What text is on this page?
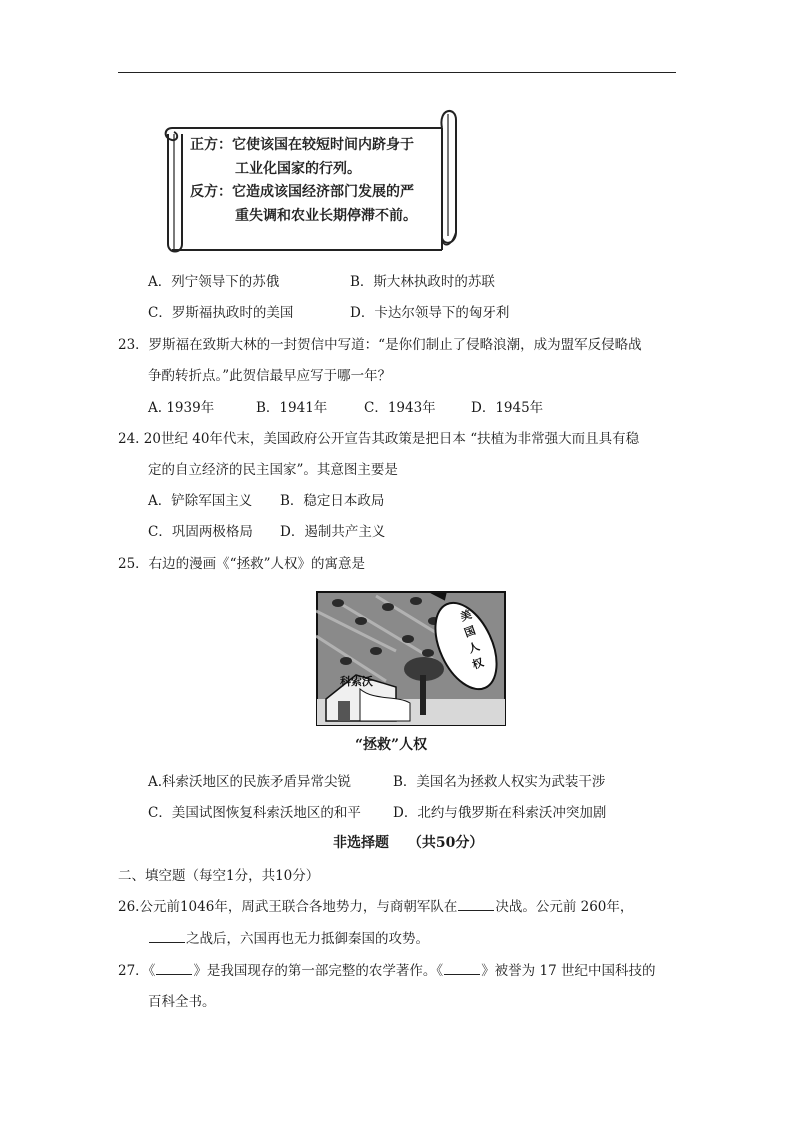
正方：它使该国在较短时间内跻身于
工业化国家的行列。
反方：它造成该国经济部门发展的严
重失调和农业长期停滞不前。
A．列宁领导下的苏俄	B．斯大林执政时的苏联
C．罗斯福执政时的美国	D．卡达尔领导下的匈牙利
23．罗斯福在致斯大林的一封贺信中写道：“是你们制止了侵略浪潮，成为盟军反侵略战
争酌转折点。”此贺信最早应写于哪一年？
A. 1939年	B．1941年	C．1943年	D．1945年
24. 20世纪 40年代末，美国政府公开宣告其政策是把日本 “扶植为非常强大而且具有稳
定的自立经济的民主国家”。其意图主要是
A．铲除军国主义 B．稳定日本政局
C．巩固两极格局 D．遏制共产主义
25．右边的漫画《“拯救”人权》的寓意是
美
国
人
权
科索沃
“拯救”人权
A.科索沃地区的民族矛盾异常尖锐	B．美国名为拯救人权实为武装干涉
C．美国试图恢复科索沃地区的和平 D．北约与俄罗斯在科索沃冲突加剧
非选择题　 （共50分）
二、填空题（每空1分，共10分）
26.公元前1046年，周武王联合各地势力，与商朝军队在	决战。公元前 260年，
之战后，六国再也无力抵御秦国的攻势。
27．《	》是我国现存的第一部完整的农学著作。《	》被誉为 17 世纪中国科技的
百科全书。
